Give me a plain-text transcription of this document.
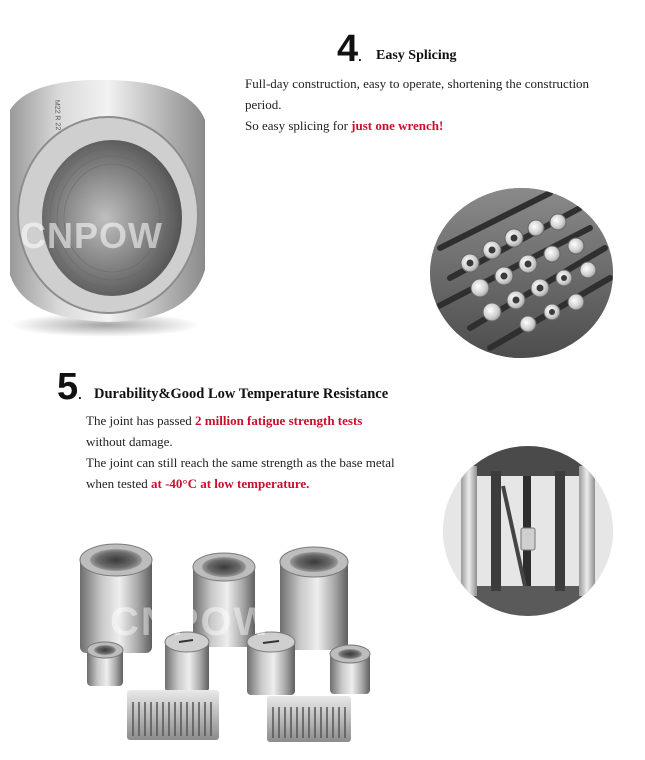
M22 R 22
CNPOW
4. Easy Splicing
Full-day construction, easy to operate, shortening the construction
period.
So easy splicing for just one wrench!
5. Durability&Good Low Temperature Resistance
The joint has passed 2 million fatigue strength tests
without damage.
The joint can still reach the same strength as the base metal
when tested at -40°C at low temperature.
CNPOW
